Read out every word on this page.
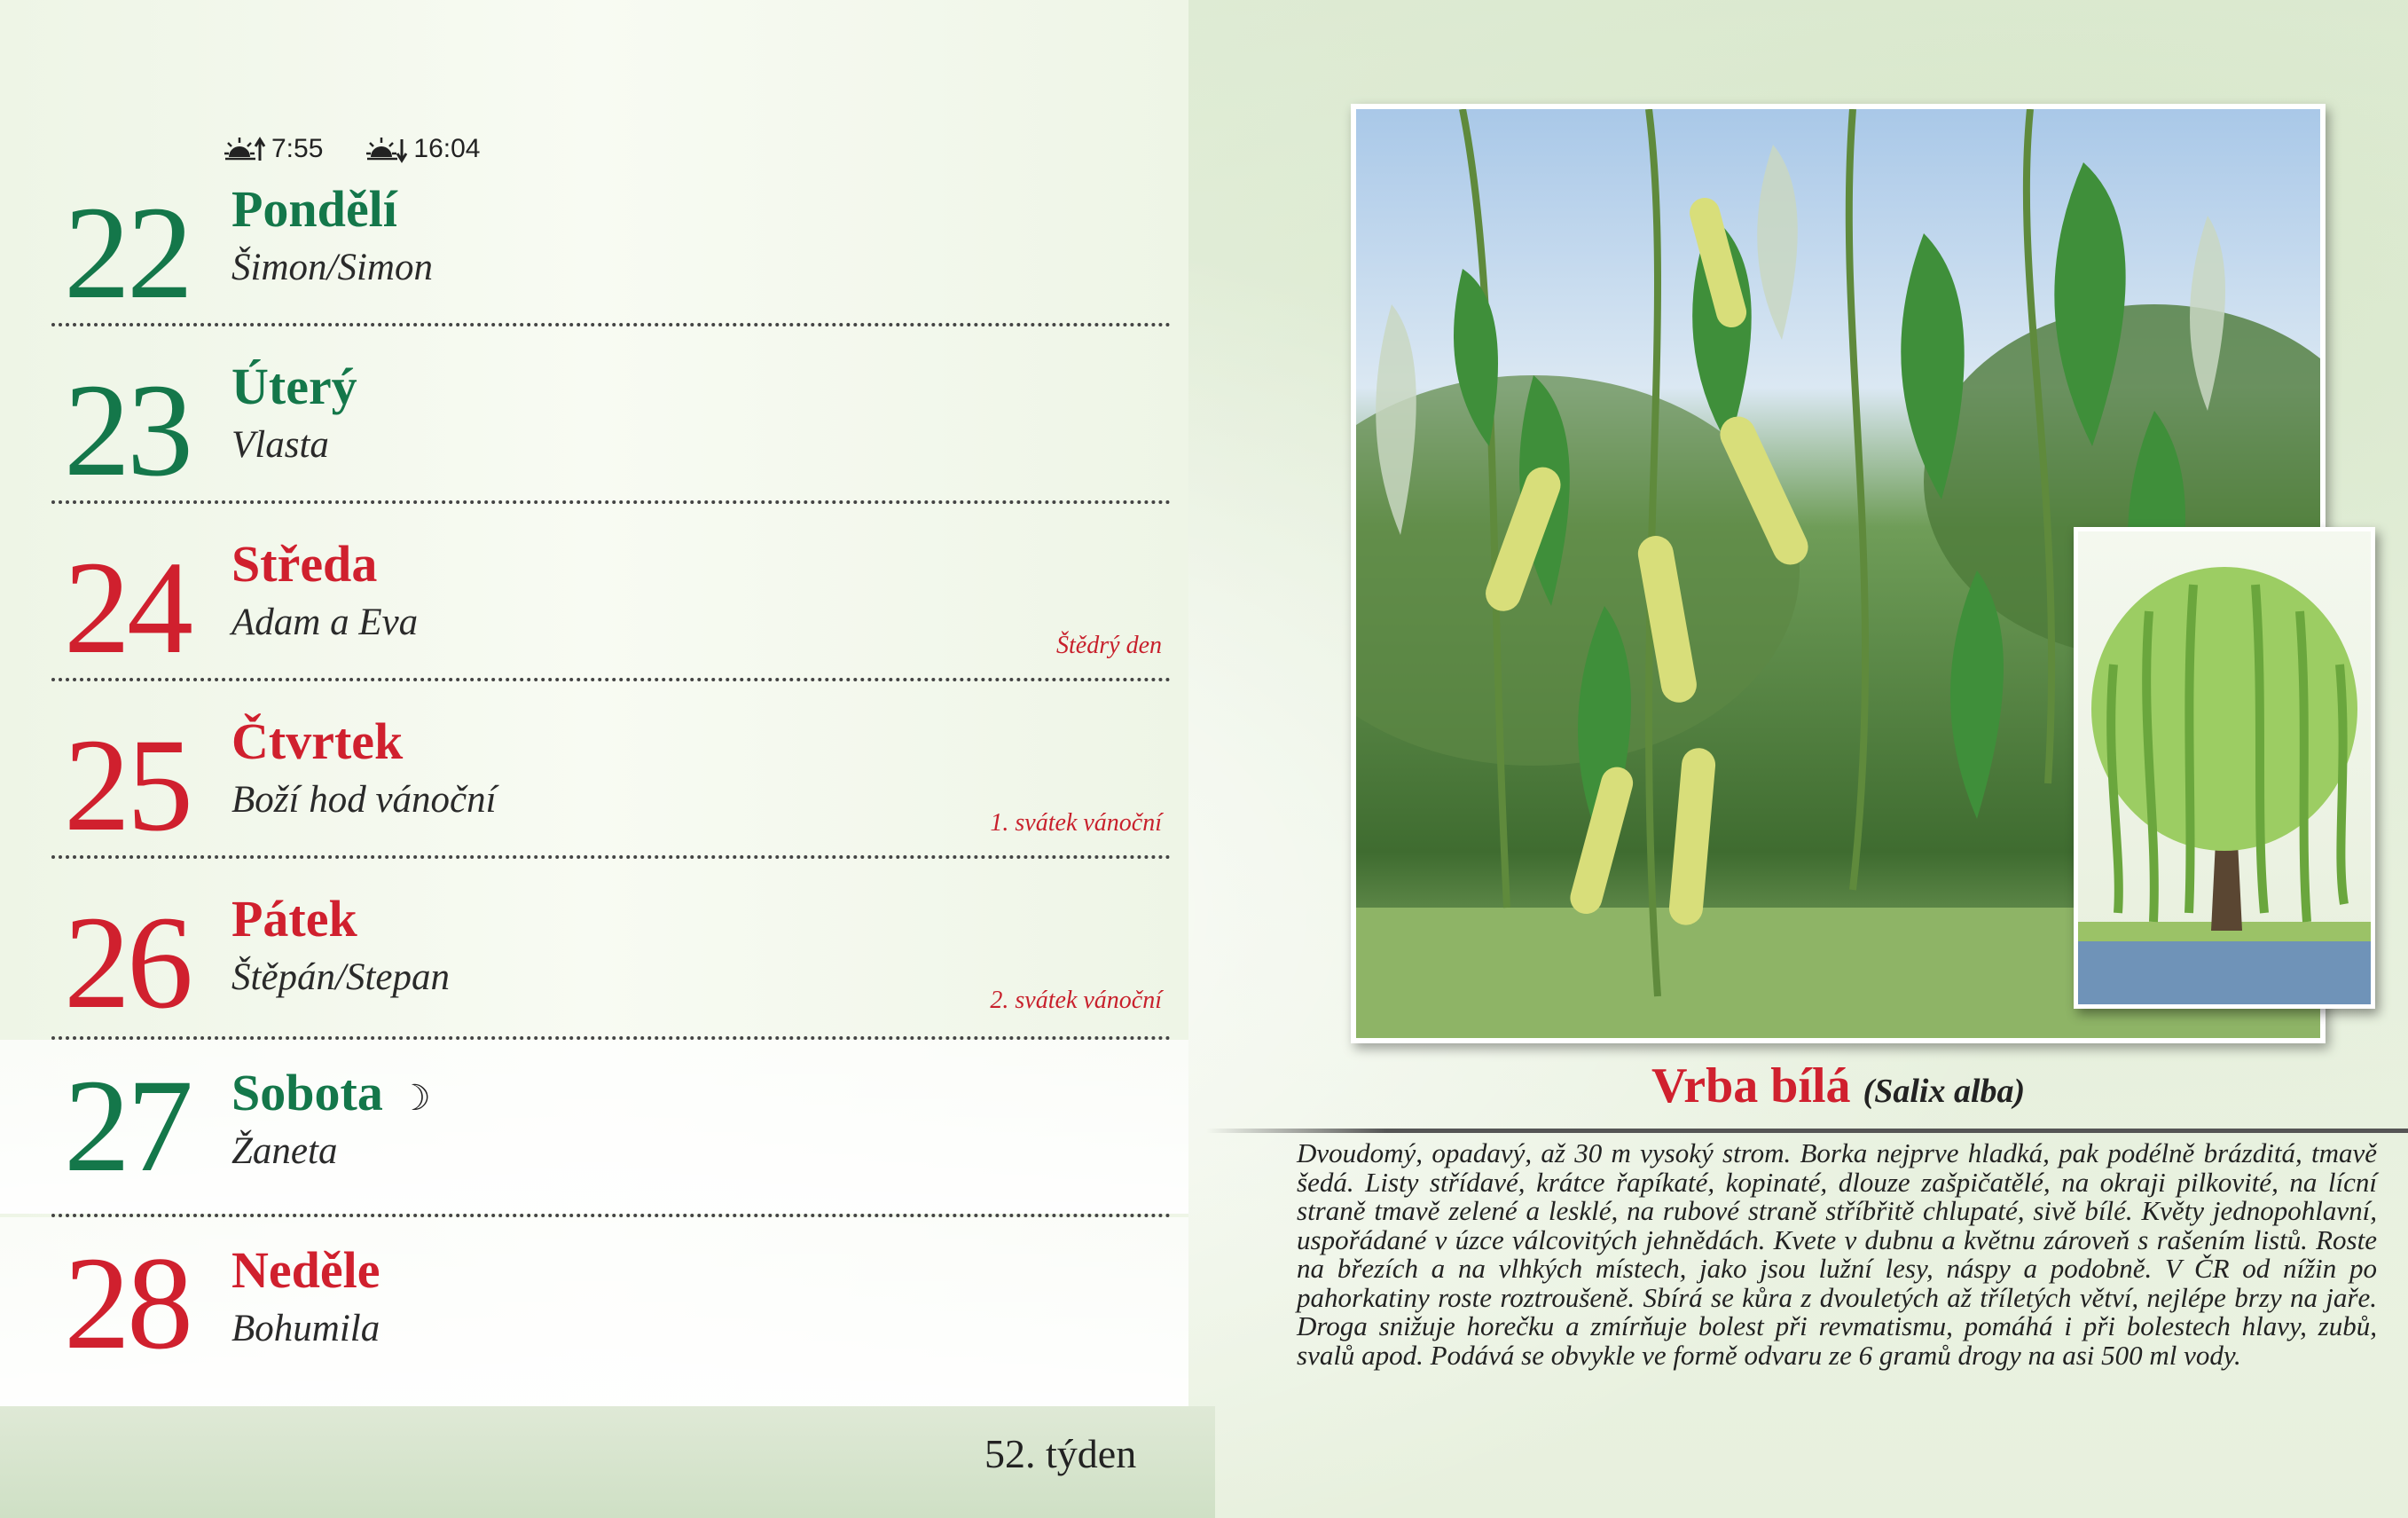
7:55	16:04
22 Pondělí
Šimon/Simon
23 Úterý
Vlasta
24 Středa
Adam a Eva
Štědrý den
25 Čtvrtek
Boží hod vánoční
1. svátek vánoční
26 Pátek
Štěpán/Stepan
2. svátek vánoční
27 Sobota ☽
Žaneta
28 Neděle
Bohumila
52. týden
Vrba bílá (Salix alba)
Dvoudomý, opadavý, až 30 m vysoký strom. Borka nejprve hladká, pak podélně brázditá, tmavě šedá. Listy střídavé, krátce řapíkaté, kopinaté, dlouze zašpičatělé, na okraji pilkovité, na lícní straně tmavě zelené a lesklé, na rubové straně stříbřitě chlupaté, sivě bílé. Květy jednopohlavní, uspořádané v úzce válcovitých jehnědách. Kvete v dubnu a květnu zároveň s rašením listů. Roste na březích a na vlhkých místech, jako jsou lužní lesy, náspy a podobně. V ČR od nížin po pahorkatiny roste roztroušeně. Sbírá se kůra z dvouletých až tříletých větví, nejlépe brzy na jaře. Droga snižuje horečku a zmírňuje bolest při revmatismu, pomáhá i při bolestech hlavy, zubů, svalů apod. Podává se obvykle ve formě odvaru ze 6 gramů drogy na asi 500 ml vody.
